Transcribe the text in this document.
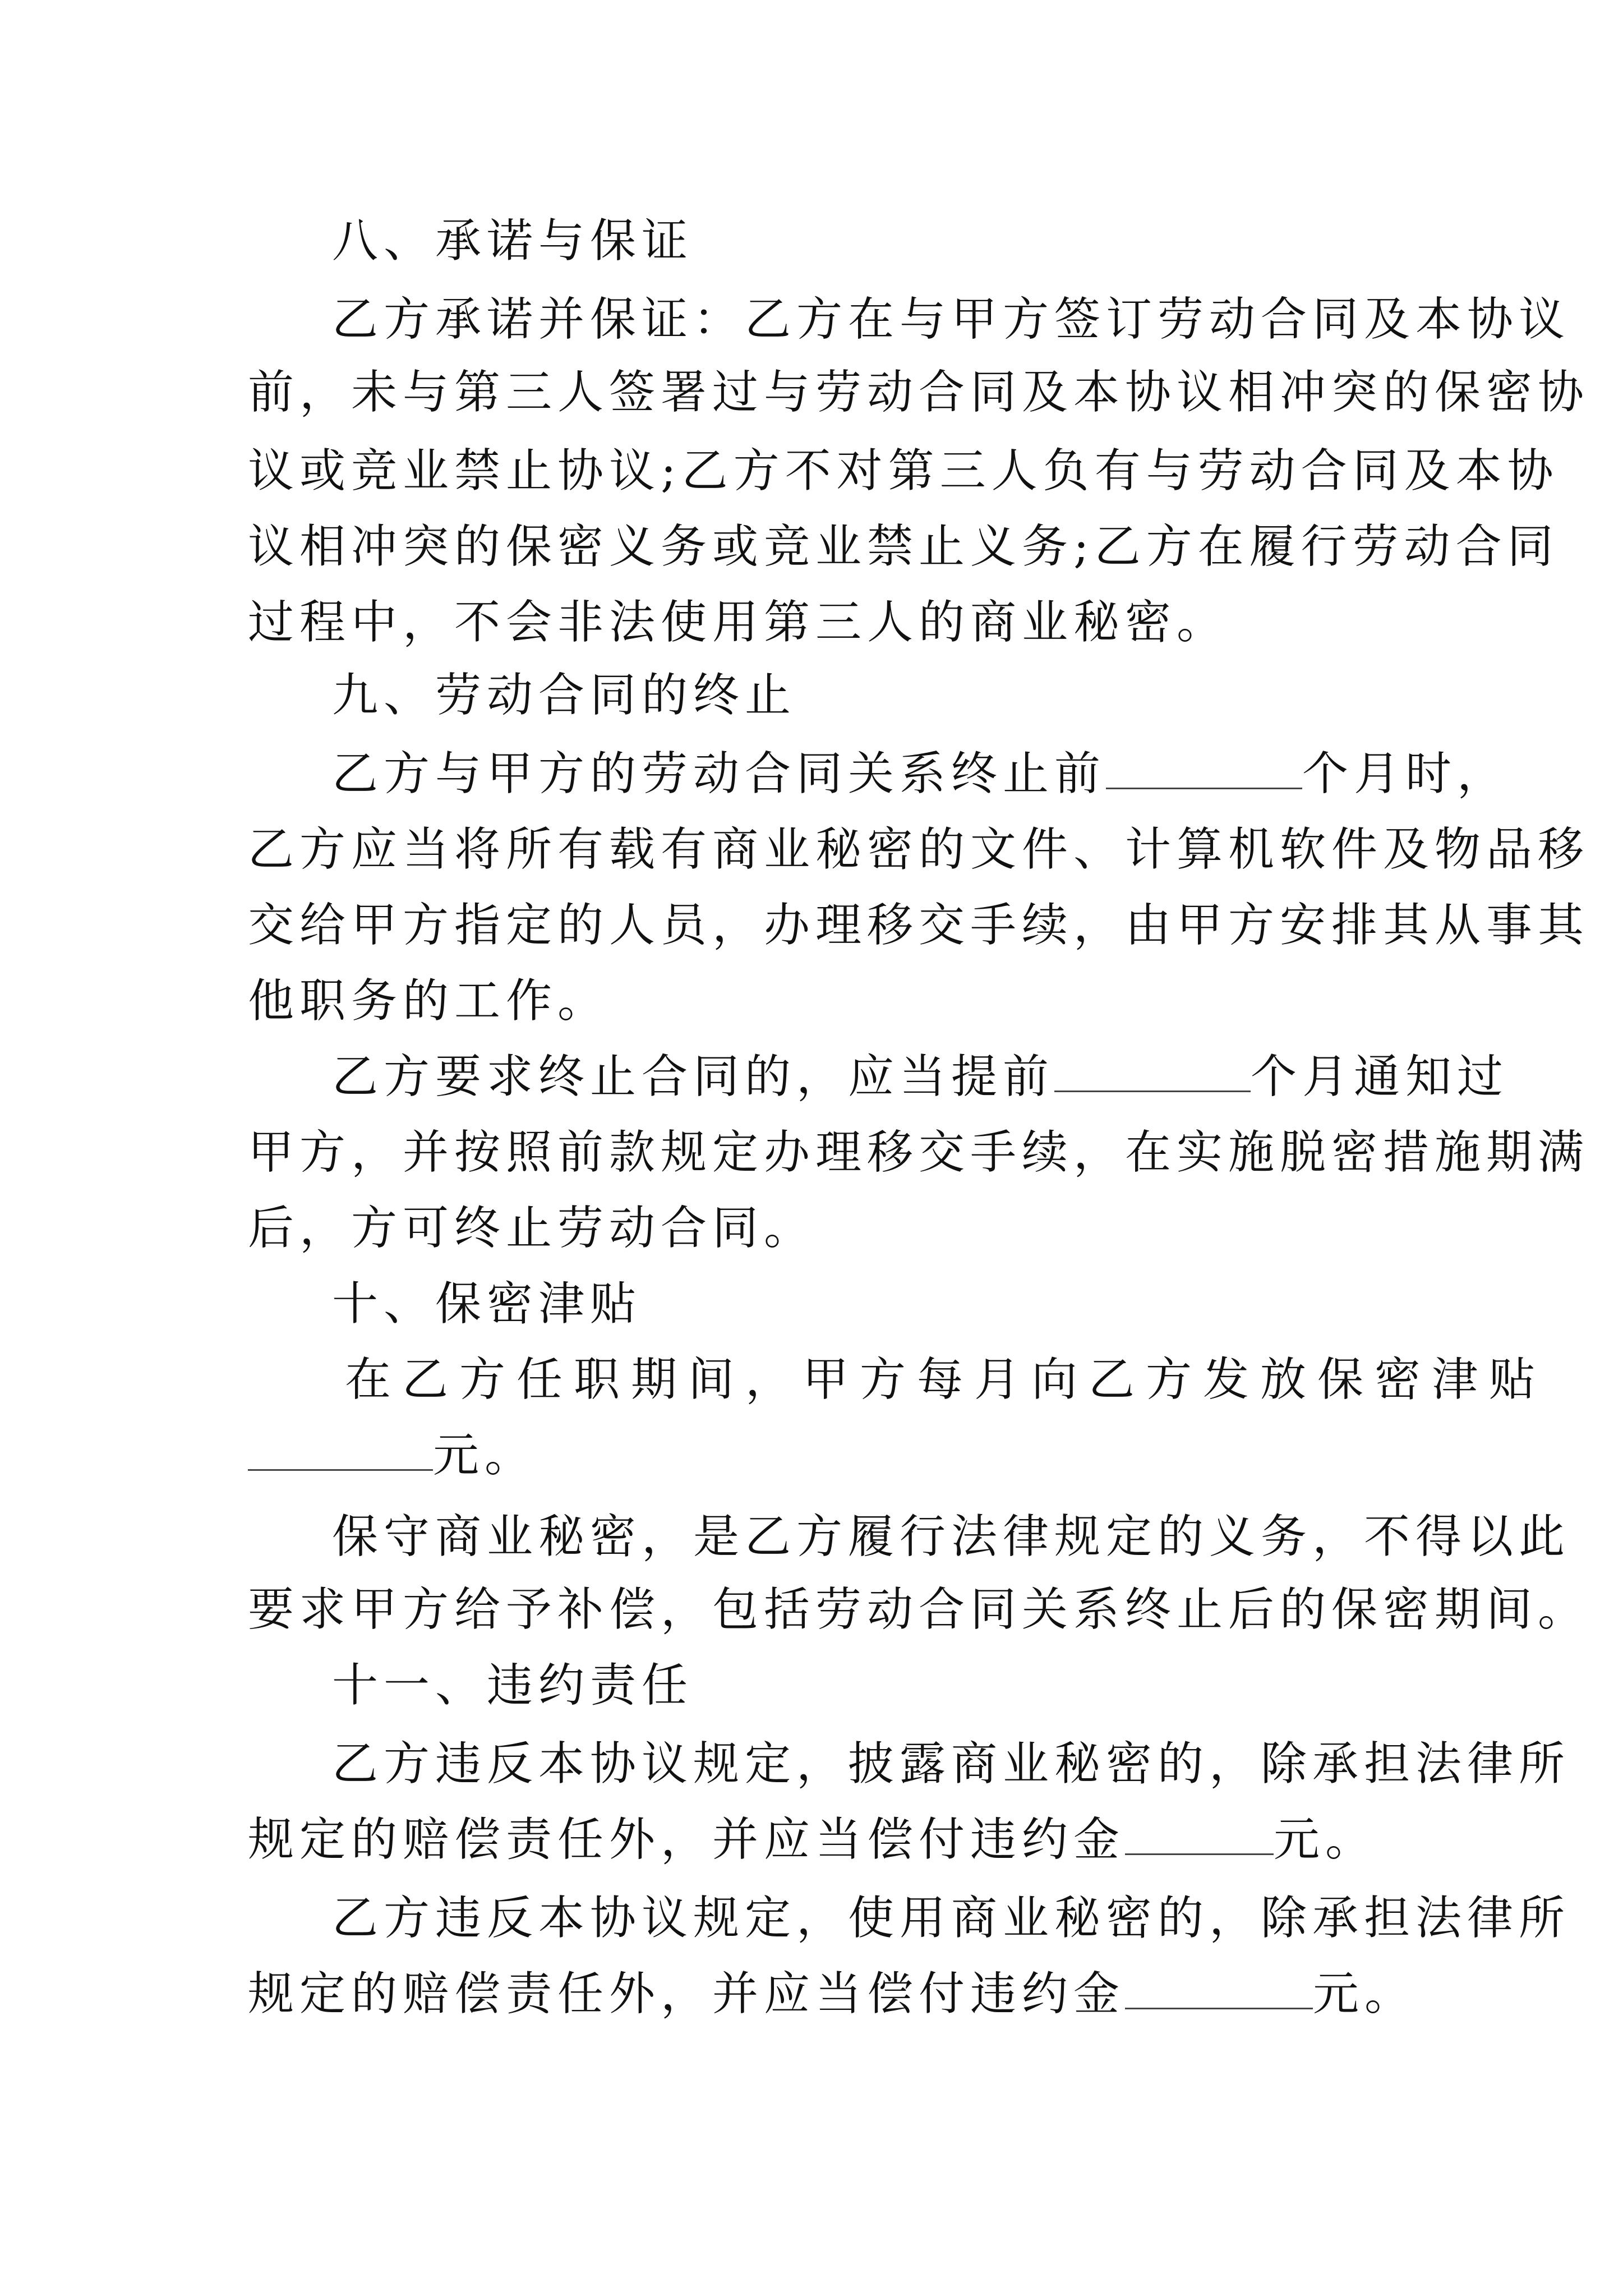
八、承诺与保证
乙方承诺并保证：乙方在与甲方签订劳动合同及本协议
前，未与第三人签署过与劳动合同及本协议相冲突的保密协
议或竞业禁止协议;乙方不对第三人负有与劳动合同及本协
议相冲突的保密义务或竞业禁止义务;乙方在履行劳动合同
过程中，不会非法使用第三人的商业秘密。
九、劳动合同的终止
乙方与甲方的劳动合同关系终止前	个月时，
乙方应当将所有载有商业秘密的文件、计算机软件及物品移
交给甲方指定的人员，办理移交手续，由甲方安排其从事其
他职务的工作。
乙方要求终止合同的，应当提前	个月通知过
甲方，并按照前款规定办理移交手续，在实施脱密措施期满
后，方可终止劳动合同。
十、保密津贴
在乙方任职期间，甲方每月向乙方发放保密津贴
元。
保守商业秘密，是乙方履行法律规定的义务，不得以此
要求甲方给予补偿，包括劳动合同关系终止后的保密期间。
十一、违约责任
乙方违反本协议规定，披露商业秘密的，除承担法律所
规定的赔偿责任外，并应当偿付违约金	元。
乙方违反本协议规定，使用商业秘密的，除承担法律所
规定的赔偿责任外，并应当偿付违约金	元。
